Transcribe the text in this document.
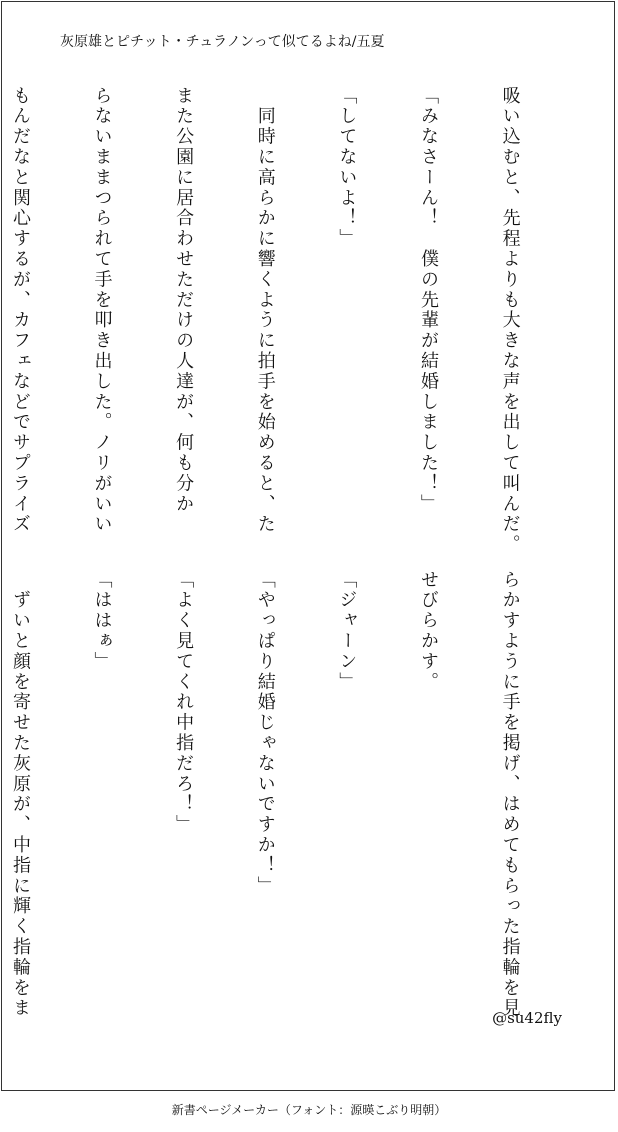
灰原雄とピチット・チュラノンって似てるよね/五夏

吸い込むと、先程よりも大きな声を出して叫んだ。

「みなさーん！　僕の先輩が結婚しました！」

「してないよ！」

　同時に高らかに響くように拍手を始めると、た

また公園に居合わせただけの人達が、何も分か

らないままつられて手を叩き出した。ノリがいい

もんだなと関心するが、カフェなどでサプライズ

らかすように手を掲げ、はめてもらった指輪を見

せびらかす。

「ジャーン」

「やっぱり結婚じゃないですか！」

「よく見てくれ中指だろ！」

「ははぁ」

　ずいと顔を寄せた灰原が、中指に輝く指輪をま

	@su42fly
新書ページメーカー（フォント：源暎こぶり明朝）
